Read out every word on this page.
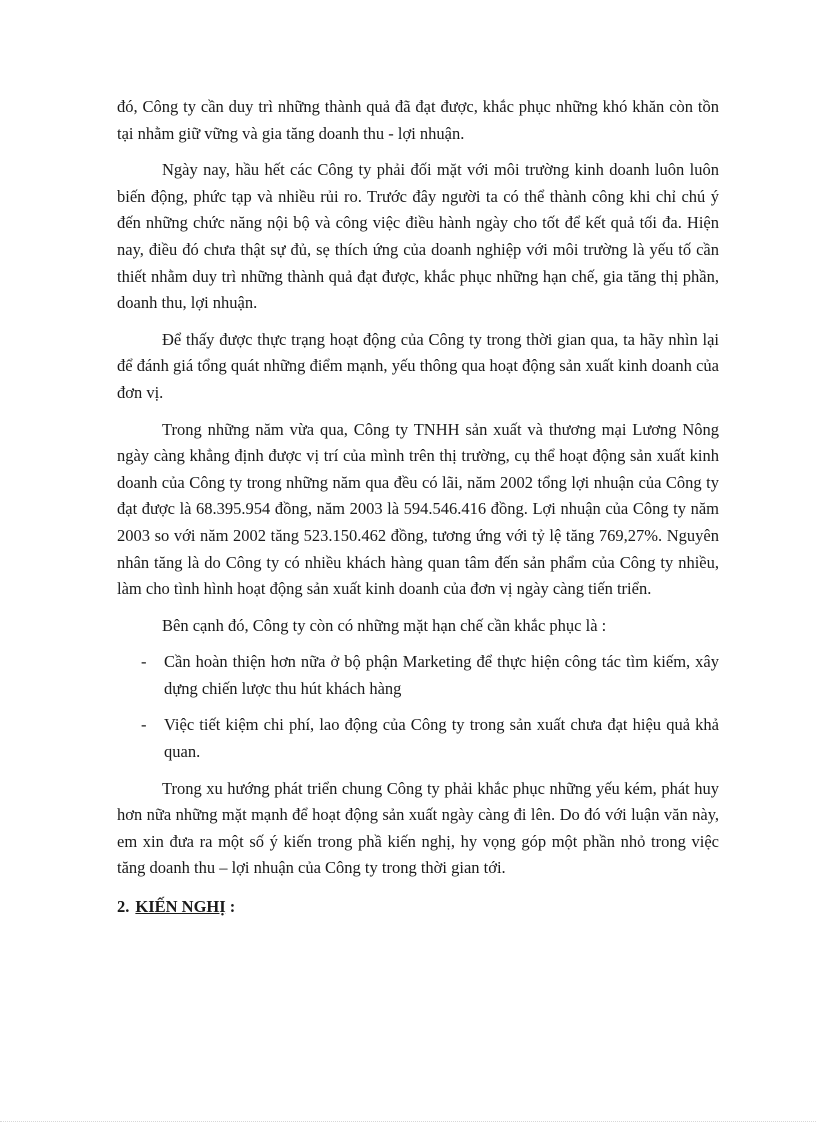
đó, Công ty cần duy trì những thành quả đã đạt được, khắc phục những khó khăn còn tồn tại nhằm giữ vững và gia tăng doanh thu - lợi nhuận.

Ngày nay, hầu hết các Công ty phải đối mặt với môi trường kinh doanh luôn luôn biến động, phức tạp và nhiều rủi ro. Trước đây người ta có thể thành công khi chỉ chú ý đến những chức năng nội bộ và công việc điều hành ngày cho tốt để kết quả tối đa. Hiện nay, điều đó chưa thật sự đủ, sẹ thích ứng của doanh nghiệp với môi trường là yếu tố cần thiết nhằm duy trì những thành quả đạt được, khắc phục những hạn chế, gia tăng thị phần, doanh thu, lợi nhuận.

Để thấy được thực trạng hoạt động của Công ty trong thời gian qua, ta hãy nhìn lại để đánh giá tổng quát những điểm mạnh, yếu thông qua hoạt động sản xuất kinh doanh của đơn vị.

Trong những năm vừa qua, Công ty TNHH sản xuất và thương mại Lương Nông ngày càng khẳng định được vị trí của mình trên thị trường, cụ thể hoạt động sản xuất kinh doanh của Công ty trong những năm qua đều có lãi, năm 2002 tổng lợi nhuận của Công ty đạt được là 68.395.954 đồng, năm 2003 là 594.546.416 đồng. Lợi nhuận của Công ty năm 2003 so với năm 2002 tăng 523.150.462 đồng, tương ứng với tỷ lệ tăng 769,27%. Nguyên nhân tăng là do Công ty có nhiều khách hàng quan tâm đến sản phẩm của Công ty nhiều, làm cho tình hình hoạt động sản xuất kinh doanh của đơn vị ngày càng tiến triển.

Bên cạnh đó, Công ty còn có những mặt hạn chế cần khắc phục là :

- Cần hoàn thiện hơn nữa ở bộ phận Marketing để thực hiện công tác tìm kiếm, xây dựng chiến lược thu hút khách hàng

- Việc tiết kiệm chi phí, lao động của Công ty trong sản xuất chưa đạt hiệu quả khả quan.

Trong xu hướng phát triển chung Công ty phải khắc phục những yếu kém, phát huy hơn nữa những mặt mạnh để hoạt động sản xuất ngày càng đi lên. Do đó với luận văn này, em xin đưa ra một số ý kiến trong phầ kiến nghị, hy vọng góp một phần nhỏ trong việc tăng doanh thu – lợi nhuận của Công ty trong thời gian tới.

2. KIẾN NGHỊ :
